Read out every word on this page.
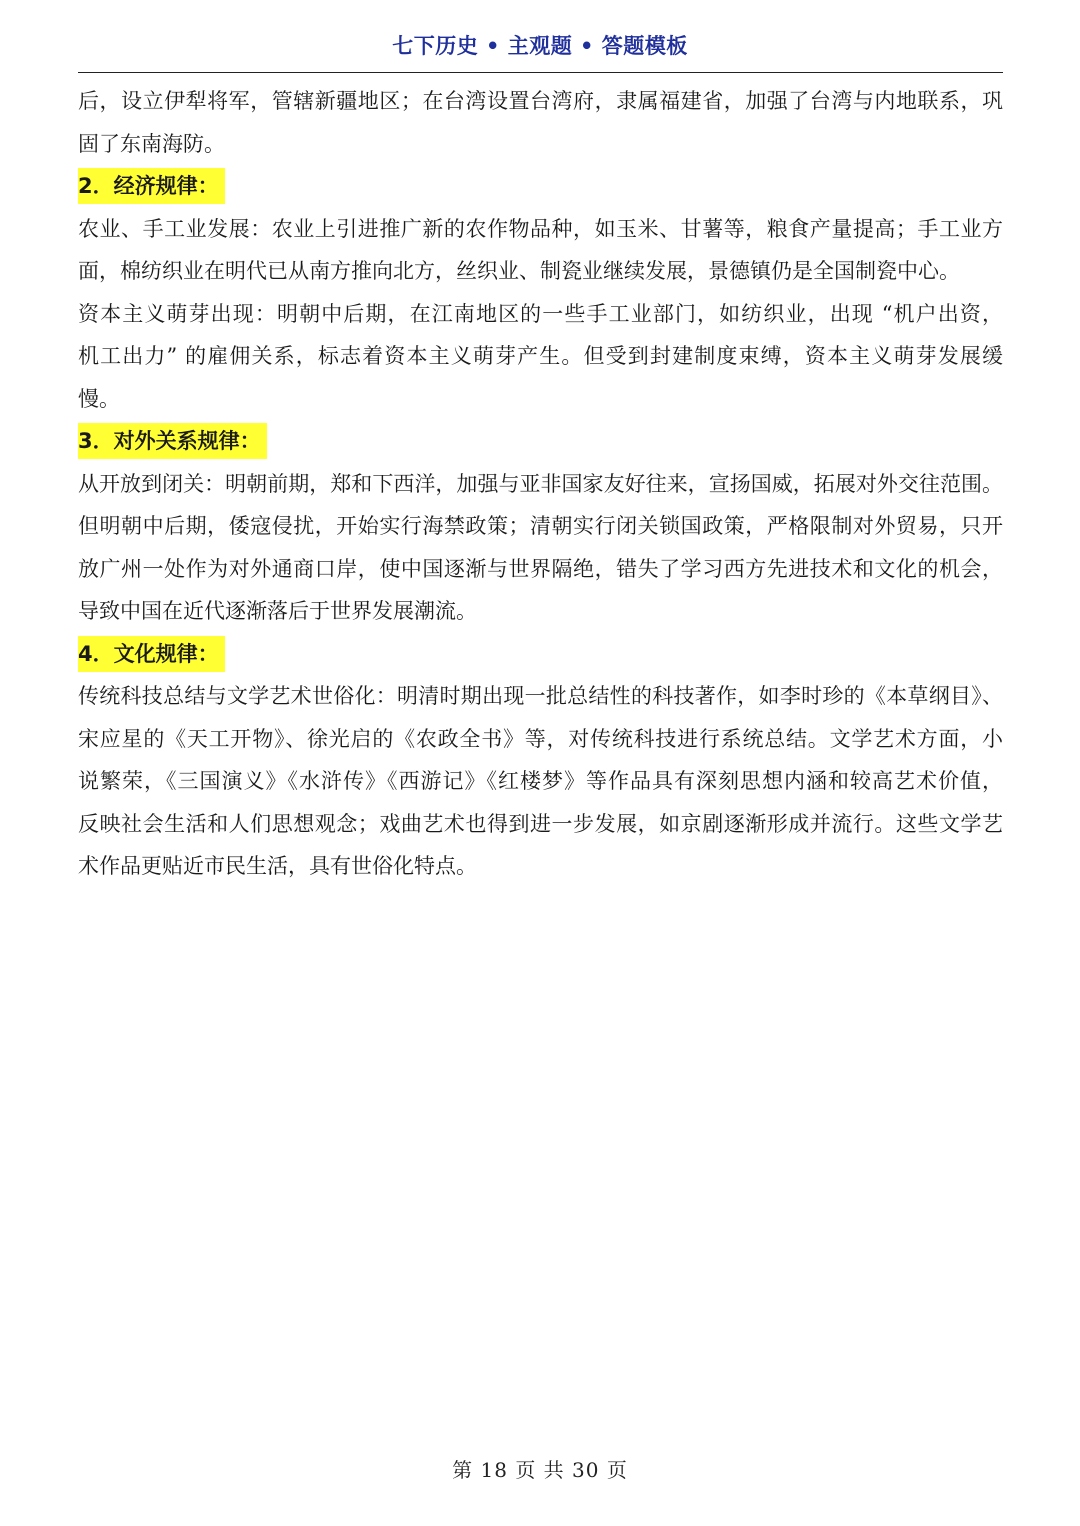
七下历史 • 主观题 • 答题模板
后，设立伊犁将军，管辖新疆地区；在台湾设置台湾府，隶属福建省，加强了台湾与内地联系，巩
固了东南海防。
2．经济规律：
农业、手工业发展：农业上引进推广新的农作物品种，如玉米、甘薯等，粮食产量提高；手工业方
面，棉纺织业在明代已从南方推向北方，丝织业、制瓷业继续发展，景德镇仍是全国制瓷中心。
资本主义萌芽出现：明朝中后期，在江南地区的一些手工业部门，如纺织业，出现 “机户出资，
机工出力” 的雇佣关系，标志着资本主义萌芽产生。但受到封建制度束缚，资本主义萌芽发展缓
慢。
3．对外关系规律：
从开放到闭关：明朝前期，郑和下西洋，加强与亚非国家友好往来，宣扬国威，拓展对外交往范围。
但明朝中后期，倭寇侵扰，开始实行海禁政策；清朝实行闭关锁国政策，严格限制对外贸易，只开
放广州一处作为对外通商口岸，使中国逐渐与世界隔绝，错失了学习西方先进技术和文化的机会，
导致中国在近代逐渐落后于世界发展潮流。
4．文化规律：
传统科技总结与文学艺术世俗化：明清时期出现一批总结性的科技著作，如李时珍的《本草纲目》、
宋应星的《天工开物》、徐光启的《农政全书》等，对传统科技进行系统总结。文学艺术方面，小
说繁荣，《三国演义》《水浒传》《西游记》《红楼梦》等作品具有深刻思想内涵和较高艺术价值，
反映社会生活和人们思想观念；戏曲艺术也得到进一步发展，如京剧逐渐形成并流行。这些文学艺
术作品更贴近市民生活，具有世俗化特点。
第 18 页 共 30 页
